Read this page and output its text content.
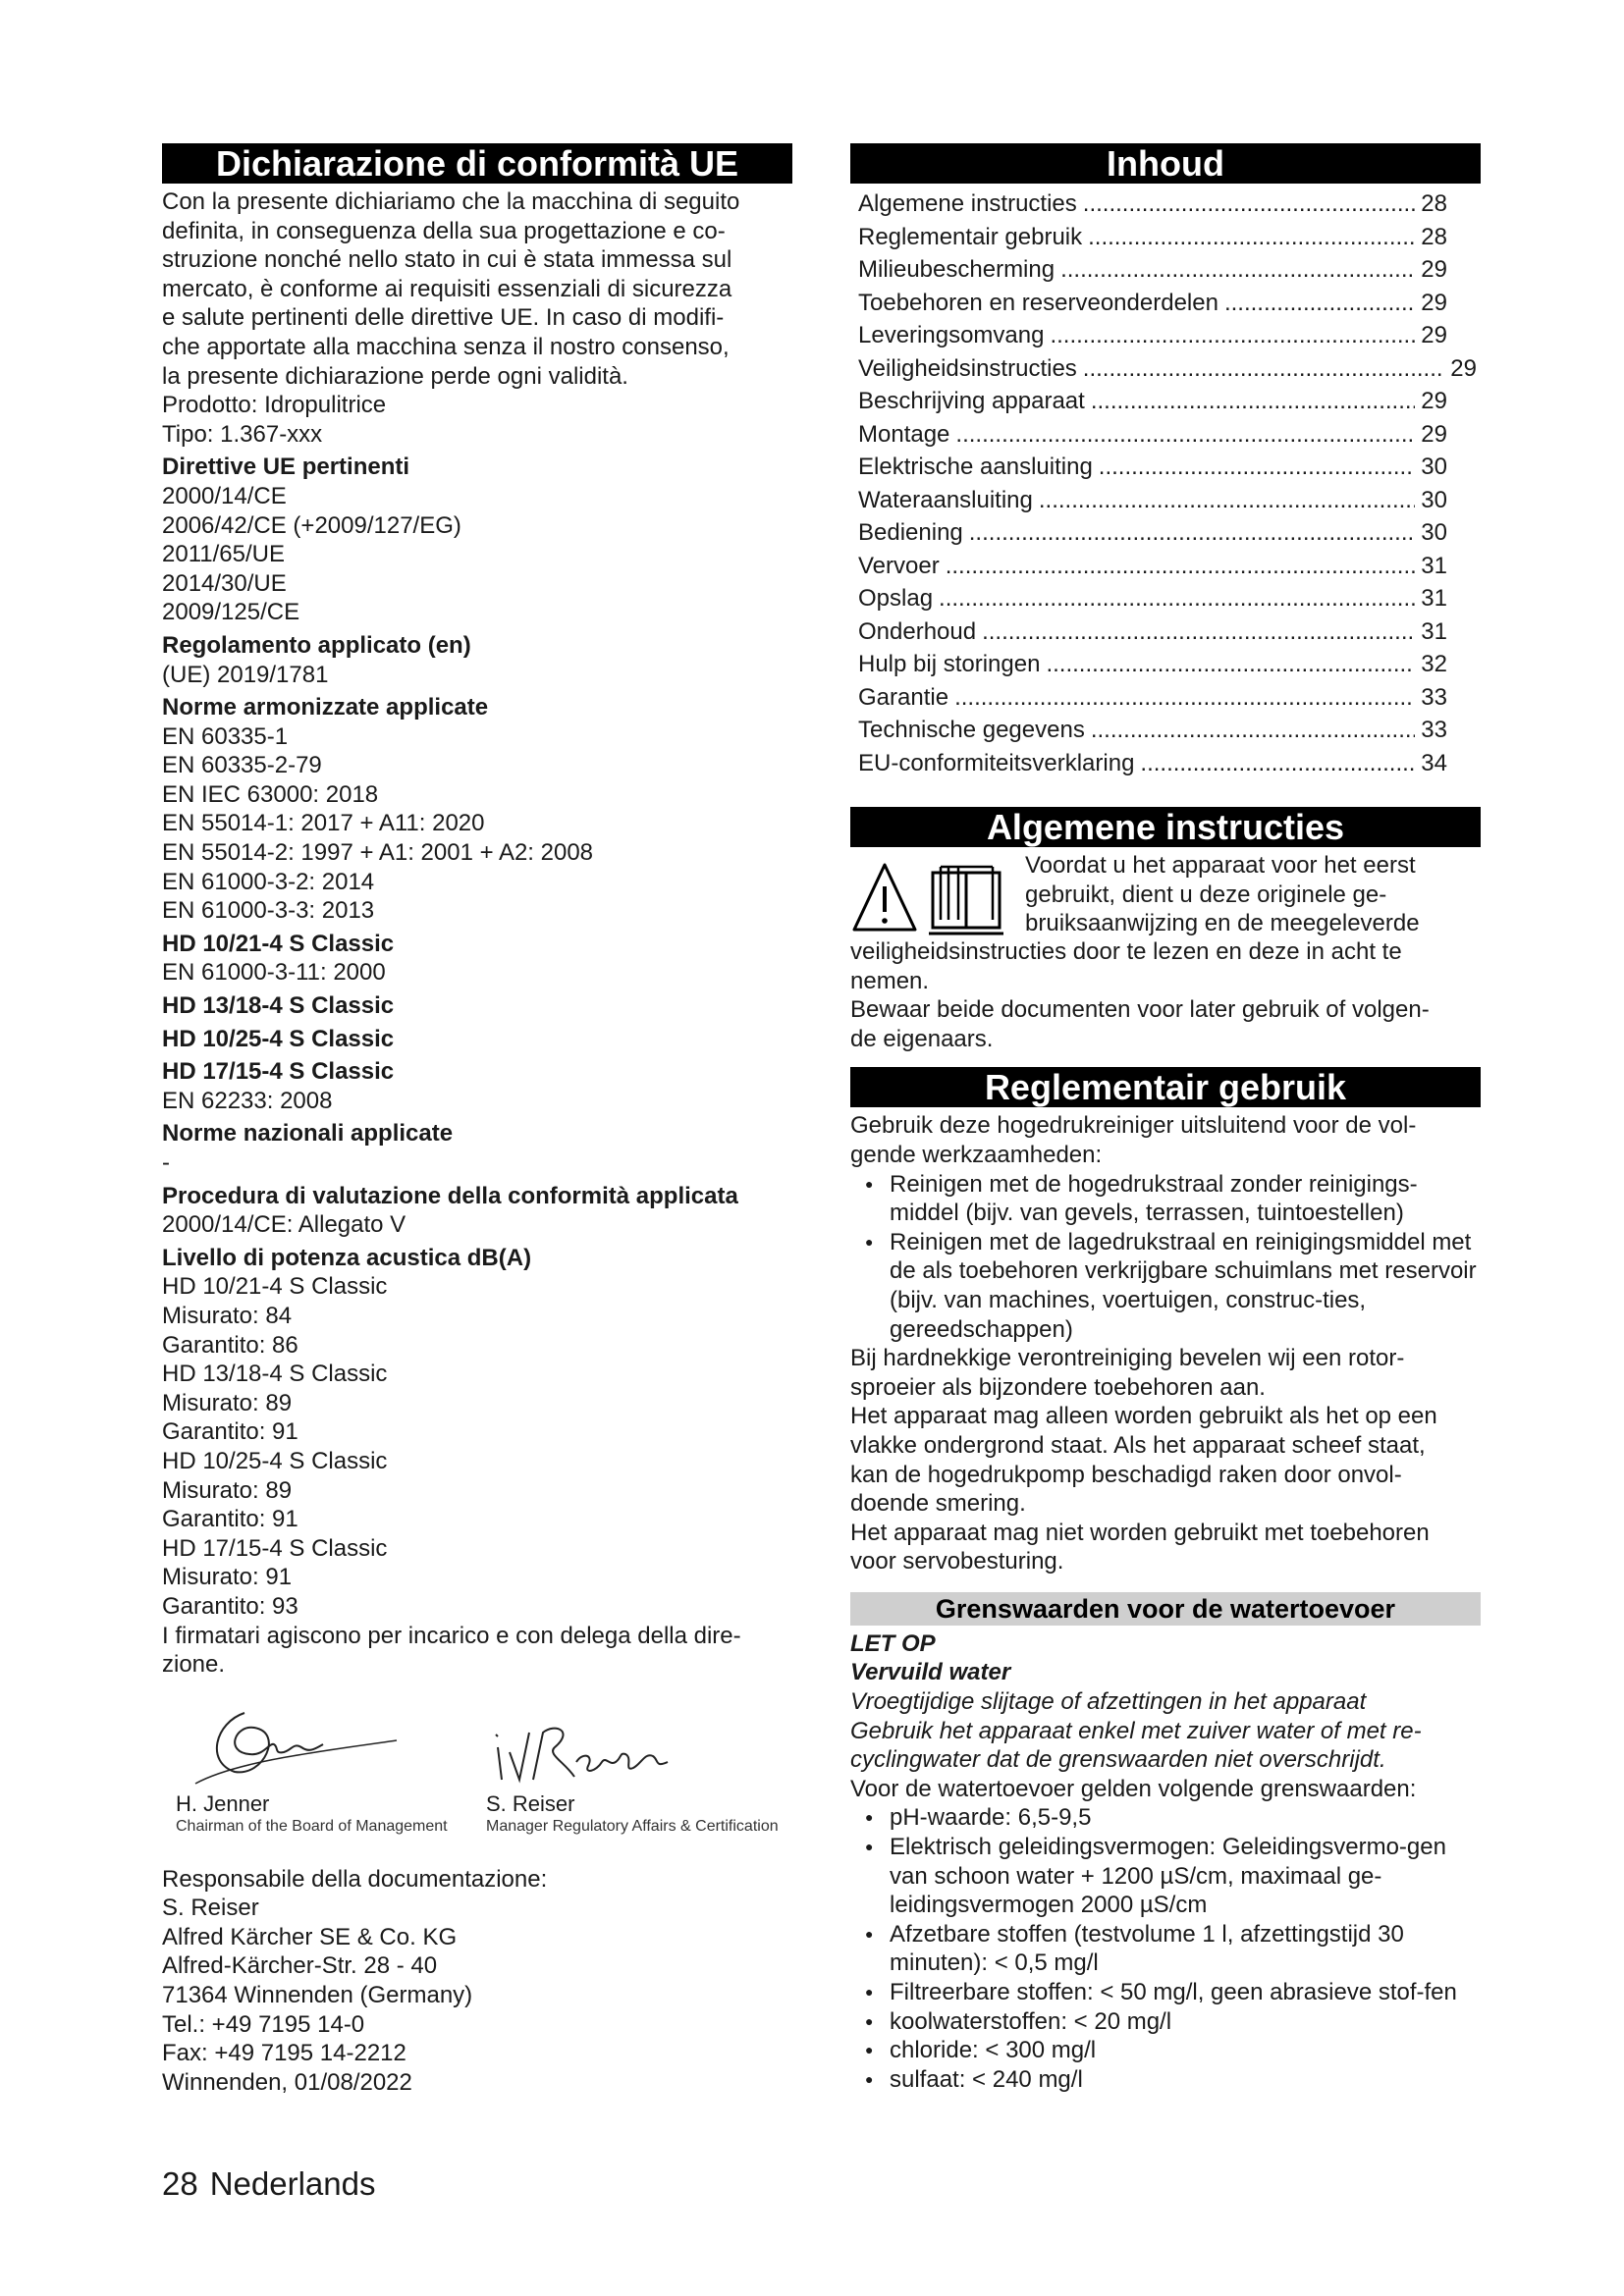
Dichiarazione di conformità UE

Con la presente dichiariamo che la macchina di seguito

definita, in conseguenza della sua progettazione e co-

struzione nonché nello stato in cui è stata immessa sul

mercato, è conforme ai requisiti essenziali di sicurezza

e salute pertinenti delle direttive UE. In caso di modifi-

che apportate alla macchina senza il nostro consenso,

la presente dichiarazione perde ogni validità.

Prodotto: Idropulitrice

Tipo: 1.367-xxx

Direttive UE pertinenti

2000/14/CE

2006/42/CE (+2009/127/EG)

2011/65/UE

2014/30/UE

2009/125/CE

Regolamento applicato (en)

(UE) 2019/1781

Norme armonizzate applicate

EN 60335-1

EN 60335-2-79

EN IEC 63000: 2018

EN 55014-1: 2017 + A11: 2020

EN 55014-2: 1997 + A1: 2001 + A2: 2008

EN 61000-3-2: 2014

EN 61000-3-3: 2013

HD 10/21-4 S Classic

EN 61000-3-11: 2000

HD 13/18-4 S Classic

HD 10/25-4 S Classic

HD 17/15-4 S Classic

EN 62233: 2008

Norme nazionali applicate

-

Procedura di valutazione della conformità applicata

2000/14/CE: Allegato V

Livello di potenza acustica dB(A)

HD 10/21-4 S Classic

Misurato: 84

Garantito: 86

HD 13/18-4 S Classic

Misurato: 89

Garantito: 91

HD 10/25-4 S Classic

Misurato: 89

Garantito: 91

HD 17/15-4 S Classic

Misurato: 91

Garantito: 93

I firmatari agiscono per incarico e con delega della dire-

zione.

H. Jenner

Chairman of the Board of Management

S. Reiser

Manager Regulatory Affairs & Certification

Responsabile della documentazione:

S. Reiser

Alfred Kärcher SE & Co. KG

Alfred-Kärcher-Str. 28 - 40

71364 Winnenden (Germany)

Tel.: +49 7195 14-0

Fax: +49 7195 14-2212

Winnenden, 01/08/2022

Inhoud
Algemene instructies .....	28
Reglementair gebruik .....	28
Milieubescherming .....	29
Toebehoren en reserveonderdelen .....	29
Leveringsomvang .....	29
Veiligheidsinstructies .....	29
Beschrijving apparaat .....	29
Montage .....	29
Elektrische aansluiting .....	30
Wateraansluiting .....	30
Bediening .....	30
Vervoer .....	31
Opslag .....	31
Onderhoud .....	31
Hulp bij storingen .....	32
Garantie .....	33
Technische gegevens .....	33
EU-conformiteitsverklaring .....	34
Algemene instructies

Voordat u het apparaat voor het eerst

gebruikt, dient u deze originele ge-

bruiksaanwijzing en de meegeleverde

veiligheidsinstructies door te lezen en deze in acht te

nemen.

Bewaar beide documenten voor later gebruik of volgen-

de eigenaars.

Reglementair gebruik

Gebruik deze hogedrukreiniger uitsluitend voor de vol-

gende werkzaamheden:

● Reinigen met de hogedrukstraal zonder reinigings-middel (bijv. van gevels, terrassen, tuintoestellen)
● Reinigen met de lagedrukstraal en reinigingsmiddel met de als toebehoren verkrijgbare schuimlans met reservoir (bijv. van machines, voertuigen, construc-ties, gereedschappen)

Bij hardnekkige verontreiniging bevelen wij een rotor-

sproeier als bijzondere toebehoren aan.

Het apparaat mag alleen worden gebruikt als het op een

vlakke ondergrond staat. Als het apparaat scheef staat,

kan de hogedrukpomp beschadigd raken door onvol-

doende smering.

Het apparaat mag niet worden gebruikt met toebehoren

voor servobesturing.

Grenswaarden voor de watertoevoer

LET OP

Vervuild water

Vroegtijdige slijtage of afzettingen in het apparaat

Gebruik het apparaat enkel met zuiver water of met re-

cyclingwater dat de grenswaarden niet overschrijdt.

Voor de watertoevoer gelden volgende grenswaarden:

● pH-waarde: 6,5-9,5
● Elektrisch geleidingsvermogen: Geleidingsvermo-gen van schoon water + 1200 µS/cm, maximaal ge-leidingsvermogen 2000 µS/cm
● Afzetbare stoffen (testvolume 1 l, afzettingstijd 30 minuten): < 0,5 mg/l
● Filtreerbare stoffen: < 50 mg/l, geen abrasieve stof-fen
● koolwaterstoffen: < 20 mg/l
● chloride: < 300 mg/l
● sulfaat: < 240 mg/l
28 Nederlands
